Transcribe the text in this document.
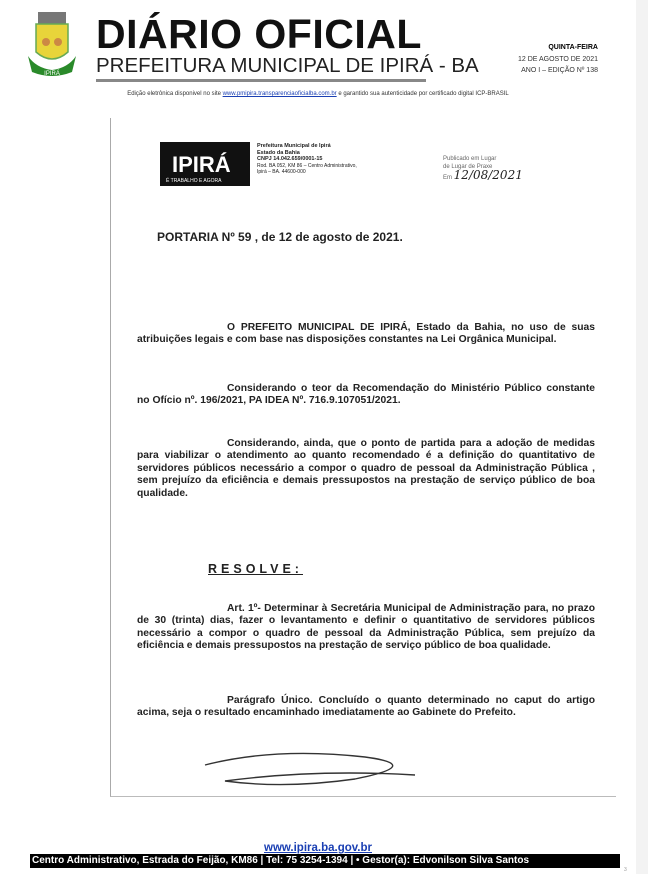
IPIRÁ
DIÁRIO OFICIAL
PREFEITURA MUNICIPAL DE IPIRÁ - BA
QUINTA-FEIRA
12 DE AGOSTO DE 2021
ANO I – EDIÇÃO Nº 138
Edição eletrônica disponivel no site www.pmipira.transparenciaoficialba.com.br e garantido sua autenticidade por certificado digital ICP-BRASIL
IPIRÁ
É TRABALHO E AGORA
Prefeitura Municipal de Ipirá
Estado da Bahia
CNPJ 14.042.659/0001-15
Rod. BA 052, KM 86 – Centro Administrativo,
Ipirá – BA. 44600-000
Publicado em Lugar
de Lugar de Praxe
Em 12/08/2021
PORTARIA Nº 59 , de 12 de agosto de 2021.
O PREFEITO MUNICIPAL DE IPIRÁ, Estado da Bahia, no uso de suas atribuições legais e com base nas disposições constantes na Lei Orgânica Municipal.
Considerando o teor da Recomendação do Ministério Público constante no Ofício nº. 196/2021, PA IDEA Nº. 716.9.107051/2021.
Considerando, ainda, que o ponto de partida para a adoção de medidas para viabilizar o atendimento ao quanto recomendado é a definição do quantitativo de servidores públicos necessário a compor o quadro de pessoal da Administração Pública , sem prejuízo da eficiência e demais pressupostos na prestação de serviço público de boa qualidade.
RESOLVE:
Art. 1º- Determinar à Secretária Municipal de Administração para, no prazo de 30 (trinta) dias, fazer o levantamento e definir o quantitativo de servidores públicos necessário a compor o quadro de pessoal da Administração Pública, sem prejuízo da eficiência e demais pressupostos na prestação de serviço público de boa qualidade.
Parágrafo Único. Concluído o quanto determinado no caput do artigo acima, seja o resultado encaminhado imediatamente ao Gabinete do Prefeito.
www.ipira.ba.gov.br
Centro Administrativo, Estrada do Feijão, KM86 | Tel: 75 3254-1394 | • Gestor(a): Edvonilson Silva Santos
3
